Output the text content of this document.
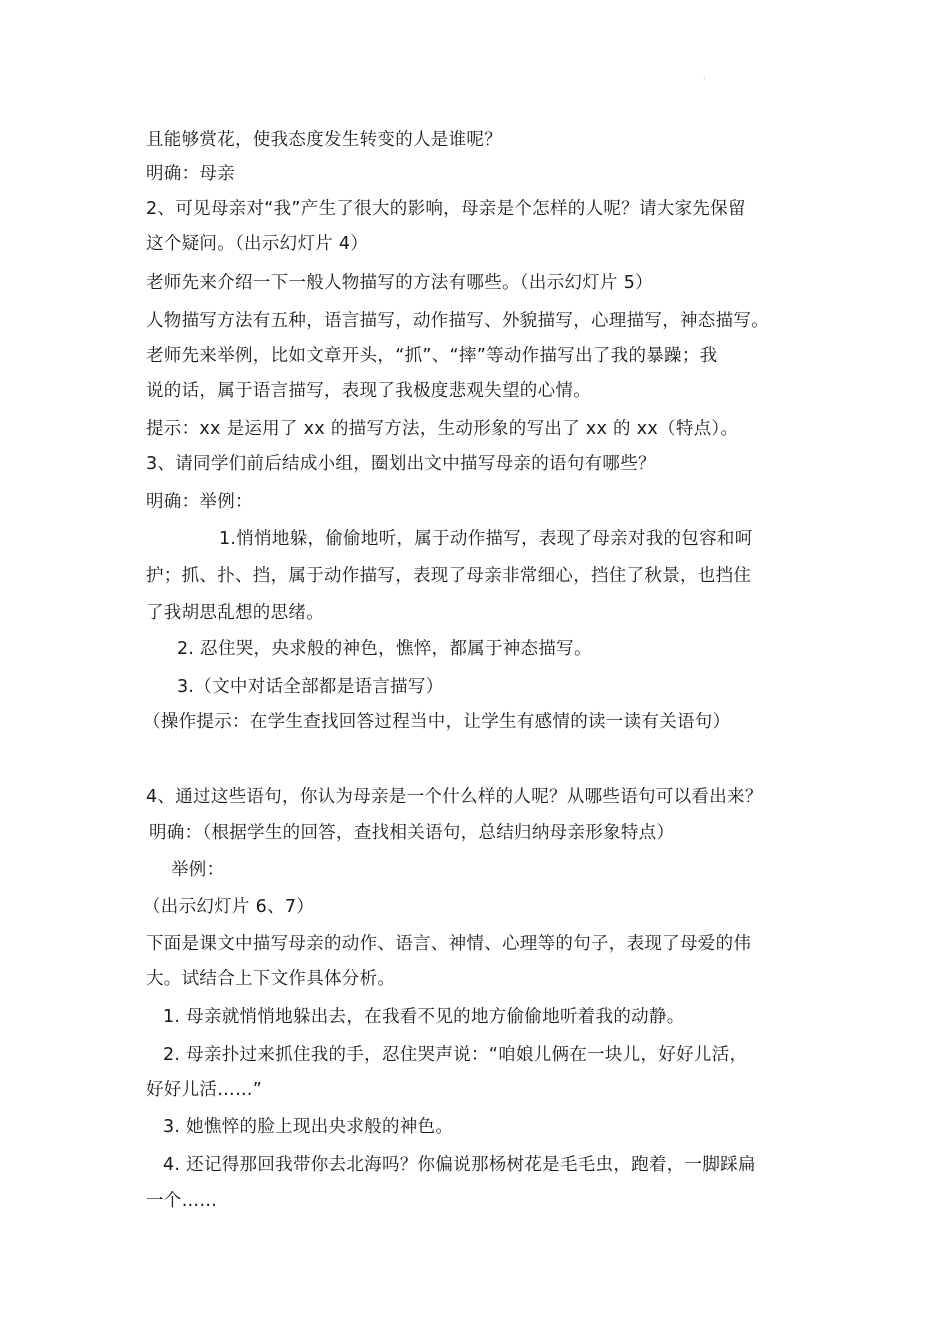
.
且能够赏花，使我态度发生转变的人是谁呢？
明确：母亲
2、可见母亲对“我”产生了很大的影响，母亲是个怎样的人呢？请大家先保留
这个疑问。（出示幻灯片 4）
老师先来介绍一下一般人物描写的方法有哪些。（出示幻灯片 5）
人物描写方法有五种，语言描写，动作描写、外貌描写，心理描写，神态描写。
老师先来举例，比如文章开头，“抓”、“摔”等动作描写出了我的暴躁；我
说的话，属于语言描写，表现了我极度悲观失望的心情。
提示：xx 是运用了 xx 的描写方法，生动形象的写出了 xx 的 xx（特点）。
3、请同学们前后结成小组，圈划出文中描写母亲的语句有哪些？
明确：举例：
1.悄悄地躲，偷偷地听，属于动作描写，表现了母亲对我的包容和呵
护；抓、扑、挡，属于动作描写，表现了母亲非常细心，挡住了秋景，也挡住
了我胡思乱想的思绪。
2. 忍住哭，央求般的神色，憔悴，都属于神态描写。
3.（文中对话全部都是语言描写）
（操作提示：在学生查找回答过程当中，让学生有感情的读一读有关语句）
4、通过这些语句，你认为母亲是一个什么样的人呢？从哪些语句可以看出来？
明确：（根据学生的回答，查找相关语句，总结归纳母亲形象特点）
举例：
（出示幻灯片 6、7）
下面是课文中描写母亲的动作、语言、神情、心理等的句子，表现了母爱的伟
大。试结合上下文作具体分析。
1. 母亲就悄悄地躲出去，在我看不见的地方偷偷地听着我的动静。
2. 母亲扑过来抓住我的手，忍住哭声说：“咱娘儿俩在一块儿，好好儿活，
好好儿活……”
3. 她憔悴的脸上现出央求般的神色。
4. 还记得那回我带你去北海吗？你偏说那杨树花是毛毛虫，跑着，一脚踩扁
一个……
